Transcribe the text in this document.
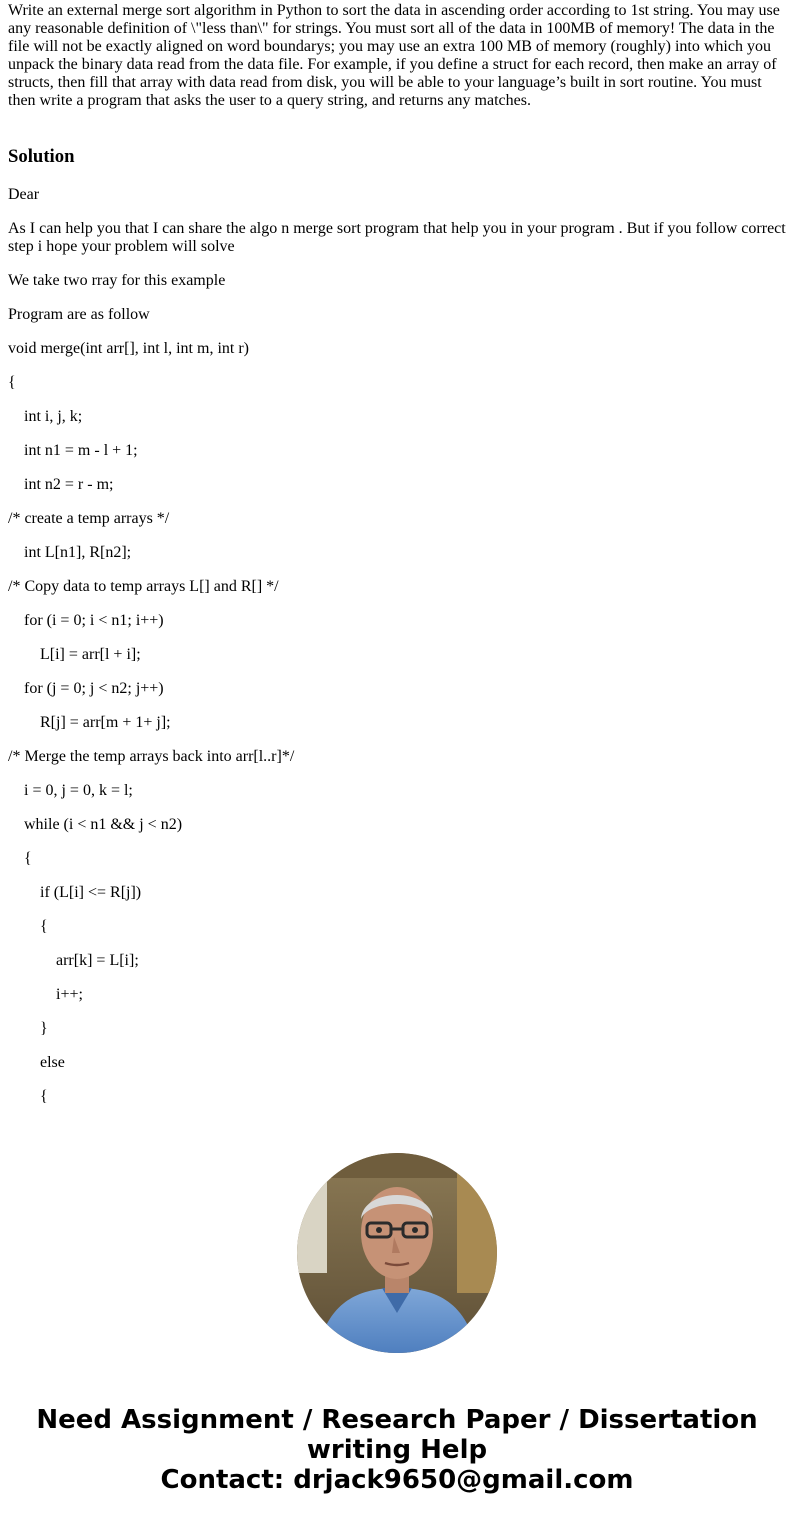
Write an external merge sort algorithm in Python to sort the data in ascending order according to 1st string. You may use any reasonable definition of \"less than\" for strings. You must sort all of the data in 100MB of memory! The data in the file will not be exactly aligned on word boundarys; you may use an extra 100 MB of memory (roughly) into which you unpack the binary data read from the data file. For example, if you define a struct for each record, then make an array of structs, then fill that array with data read from disk, you will be able to your language’s built in sort routine. You must then write a program that asks the user to a query string, and returns any matches.

Solution

Dear

As I can help you that I can share the algo n merge sort program that help you in your program . But if you follow correct step i hope your problem will solve

We take two rray for this example

Program are as follow

void merge(int arr[], int l, int m, int r)

{

int i, j, k;

int n1 = m - l + 1;

int n2 = r - m;

/* create a temp arrays */

int L[n1], R[n2];

/* Copy data to temp arrays L[] and R[] */

for (i = 0; i < n1; i++)

L[i] = arr[l + i];

for (j = 0; j < n2; j++)

R[j] = arr[m + 1+ j];

/* Merge the temp arrays back into arr[l..r]*/

i = 0, j = 0, k = l;

while (i < n1 && j < n2)

{

if (L[i] <= R[j])

{

arr[k] = L[i];

i++;

}

else

{

Need Assignment / Research Paper / Dissertation
writing Help
Contact: drjack9650@gmail.com
